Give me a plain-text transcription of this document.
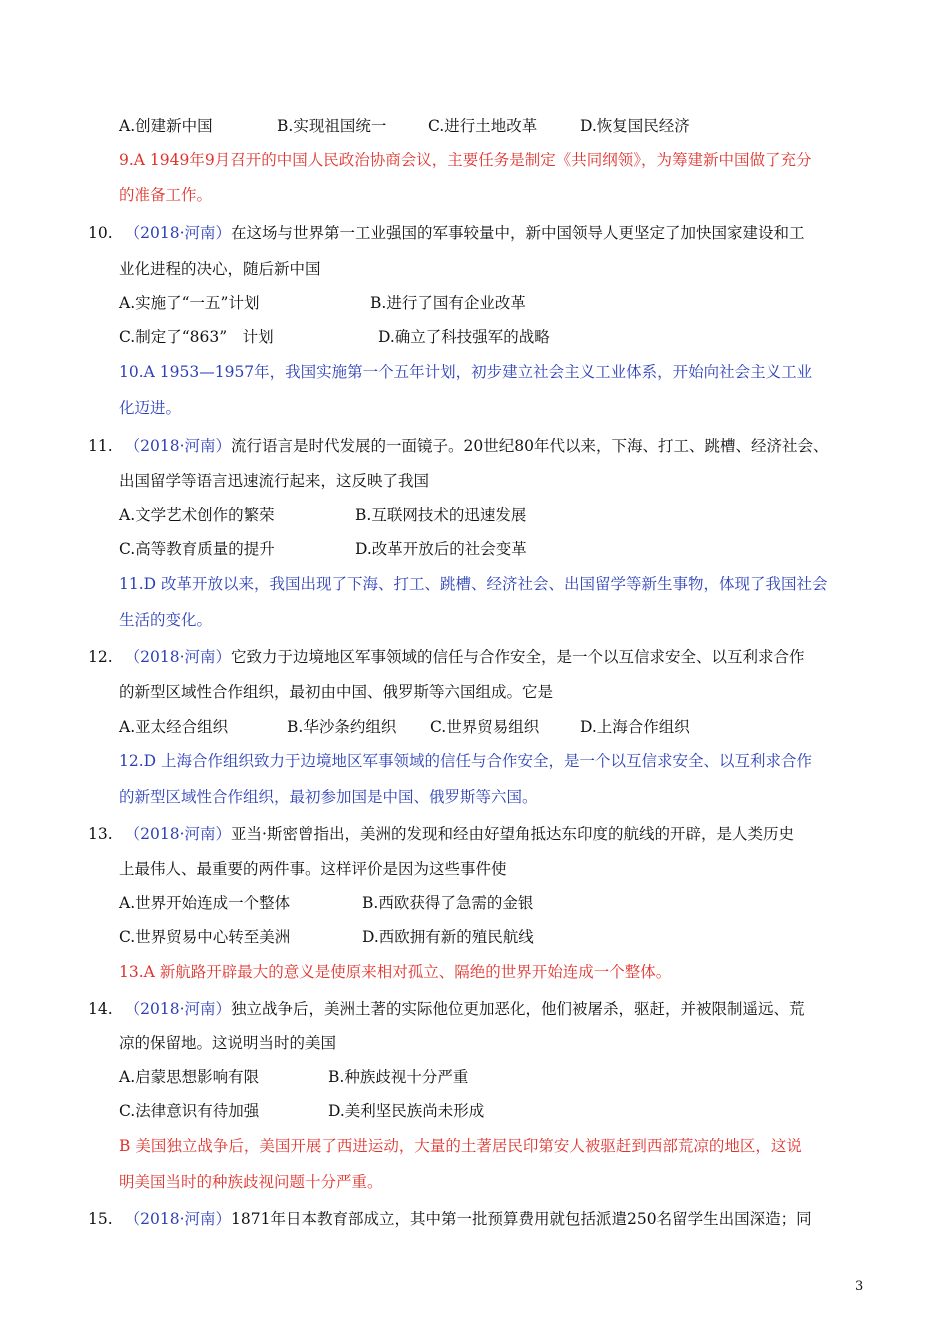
A.创建新中国	B.实现祖国统一	C.进行土地改革	D.恢复国民经济
9.A 1949年9月召开的中国人民政治协商会议，主要任务是制定《共同纲领》，为筹建新中国做了充分
的准备工作。
10. （2018·河南）在这场与世界第一工业强国的军事较量中，新中国领导人更坚定了加快国家建设和工
业化进程的决心，随后新中国
A.实施了“一五”计划	B.进行了国有企业改革
C.制定了“863”　计划	D.确立了科技强军的战略
10.A 1953—1957年，我国实施第一个五年计划，初步建立社会主义工业体系，开始向社会主义工业
化迈进。
11. （2018·河南）流行语言是时代发展的一面镜子。20世纪80年代以来，下海、打工、跳槽、经济社会、
出国留学等语言迅速流行起来，这反映了我国
A.文学艺术创作的繁荣	B.互联网技术的迅速发展
C.高等教育质量的提升	D.改革开放后的社会变革
11.D 改革开放以来，我国出现了下海、打工、跳槽、经济社会、出国留学等新生事物，体现了我国社会
生活的变化。
12. （2018·河南）它致力于边境地区军事领域的信任与合作安全，是一个以互信求安全、以互利求合作
的新型区域性合作组织，最初由中国、俄罗斯等六国组成。它是
A.亚太经合组织	B.华沙条约组织 C.世界贸易组织	D.上海合作组织
12.D 上海合作组织致力于边境地区军事领域的信任与合作安全，是一个以互信求安全、以互利求合作
的新型区域性合作组织，最初参加国是中国、俄罗斯等六国。
13. （2018·河南）亚当·斯密曾指出，美洲的发现和经由好望角抵达东印度的航线的开辟，是人类历史
上最伟人、最重要的两件事。这样评价是因为这些事件使
A.世界开始连成一个整体	B.西欧获得了急需的金银
C.世界贸易中心转至美洲	D.西欧拥有新的殖民航线
13.A 新航路开辟最大的意义是使原来相对孤立、隔绝的世界开始连成一个整体。
14. （2018·河南）独立战争后，美洲土著的实际他位更加恶化，他们被屠杀，驱赶，并被限制遥远、荒
凉的保留地。这说明当时的美国
A.启蒙思想影响有限	B.种族歧视十分严重
C.法律意识有待加强	D.美利坚民族尚未形成
B 美国独立战争后，美国开展了西进运动，大量的土著居民印第安人被驱赶到西部荒凉的地区，这说
明美国当时的种族歧视问题十分严重。
15. （2018·河南）1871年日本教育部成立，其中第一批预算费用就包括派遣250名留学生出国深造；同
3
